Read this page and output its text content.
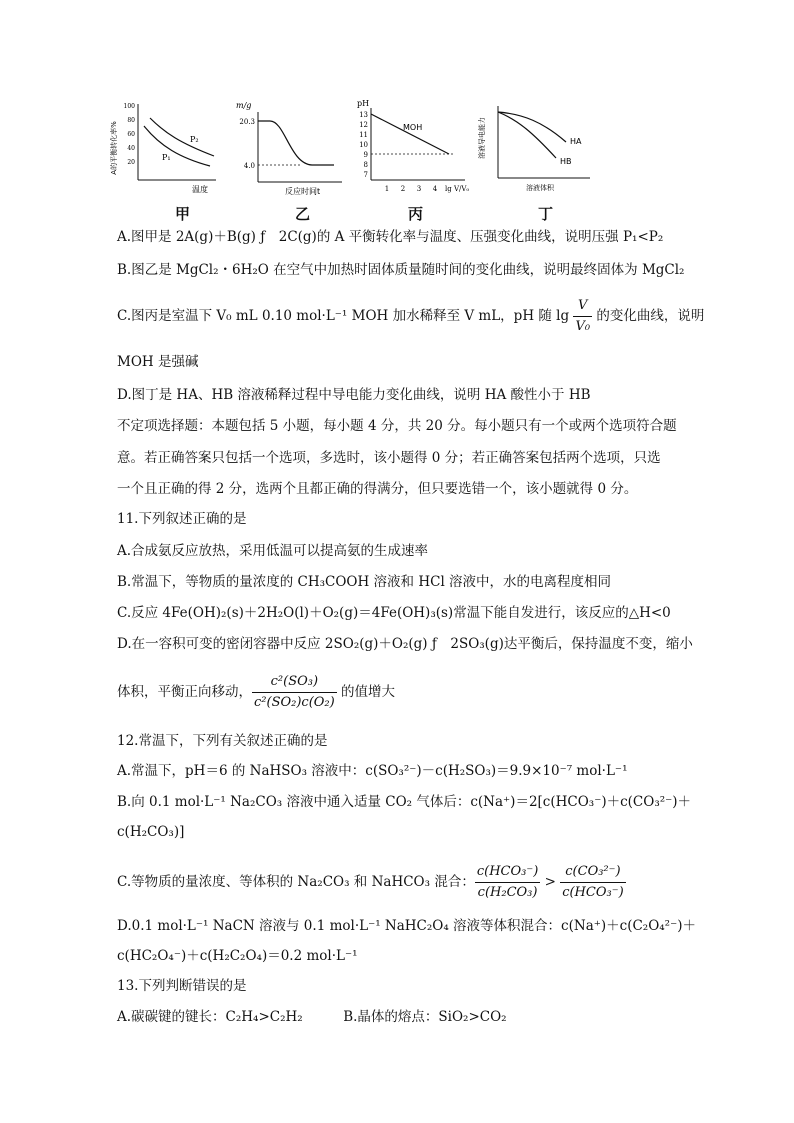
A的平衡转化率%
100
80
60
40
20
P₂
P₁
温度
甲
m/g
20.3
4.0
反应时间t
乙
pH
13
12
11
10
9
8
7
MOH
1 2 3 4 lg V/V₀
丙
溶液导电能力	HA
HB
溶液体积
丁
A.图甲是 2A(g)＋B(g) ƒ　2C(g)的 A 平衡转化率与温度、压强变化曲线，说明压强 P₁<P₂
B.图乙是 MgCl₂・6H₂O 在空气中加热时固体质量随时间的变化曲线，说明最终固体为 MgCl₂
C.图丙是室温下 V₀ mL 0.10 mol·L⁻¹ MOH 加水稀释至 V mL，pH 随 $\lg \frac{V}{\text{V₀}}$ 的变化曲线，说明
MOH 是强碱
D.图丁是 HA、HB 溶液稀释过程中导电能力变化曲线，说明 HA 酸性小于 HB
不定项选择题：本题包括 5 小题，每小题 4 分，共 20 分。每小题只有一个或两个选项符合题
意。若正确答案只包括一个选项，多选时，该小题得 0 分；若正确答案包括两个选项，只选
一个且正确的得 2 分，选两个且都正确的得满分，但只要选错一个，该小题就得 0 分。
11.下列叙述正确的是
A.合成氨反应放热，采用低温可以提高氨的生成速率
B.常温下，等物质的量浓度的 CH₃COOH 溶液和 HCl 溶液中，水的电离程度相同
C.反应 4Fe(OH)₂(s)＋2H₂O(l)＋O₂(g)＝4Fe(OH)₃(s)常温下能自发进行，该反应的△H<0
D.在一容积可变的密闭容器中反应 2SO₂(g)＋O₂(g) ƒ　2SO₃(g)达平衡后，保持温度不变，缩小
体积，平衡正向移动， $\frac{\text{c²(SO₃)}}{\text{c²(SO₂)c(O₂)}}$ 的值增大
12.常温下，下列有关叙述正确的是
A.常温下，pH＝6 的 NaHSO₃ 溶液中：c(SO₃²⁻)－c(H₂SO₃)＝9.9×10⁻⁷ mol·L⁻¹
B.向 0.1 mol·L⁻¹ Na₂CO₃ 溶液中通入适量 CO₂ 气体后：c(Na⁺)＝2[c(HCO₃⁻)＋c(CO₃²⁻)＋
c(H₂CO₃)]
C.等物质的量浓度、等体积的 Na₂CO₃ 和 NaHCO₃ 混合： $\frac{\text{c(HCO₃⁻)}}{\text{c(H₂CO₃)}} > \frac{\text{c(CO₃²⁻)}}{\text{c(HCO₃⁻)}}$
D.0.1 mol·L⁻¹ NaCN 溶液与 0.1 mol·L⁻¹ NaHC₂O₄ 溶液等体积混合：c(Na⁺)＋c(C₂O₄²⁻)＋
c(HC₂O₄⁻)＋c(H₂C₂O₄)＝0.2 mol·L⁻¹
13.下列判断错误的是
A.碳碳键的键长：C₂H₄>C₂H₂　　　B.晶体的熔点：SiO₂>CO₂
